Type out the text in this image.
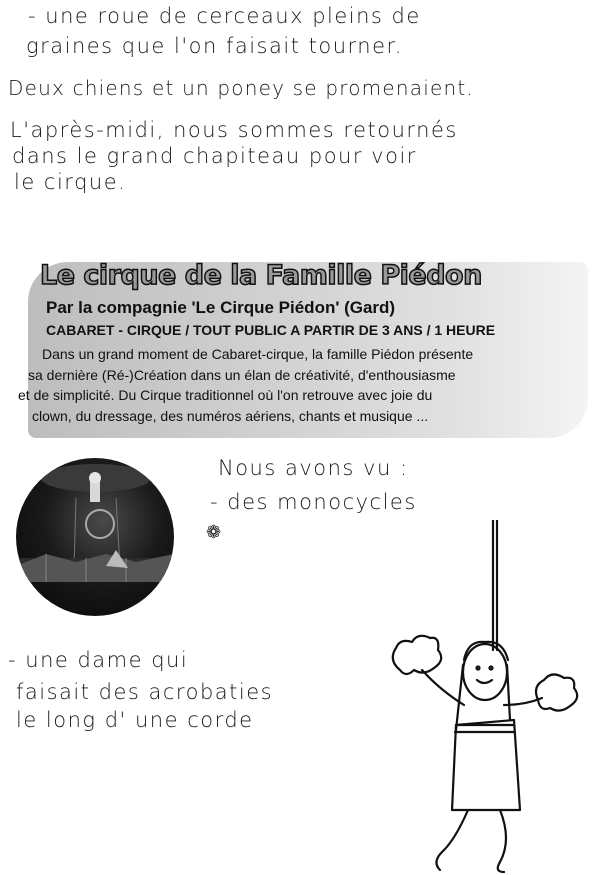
- une roue de cerceaux pleins de

graines que l'on faisait tourner.

Deux chiens et un poney se promenaient.

L'après-midi, nous sommes retournés

dans le grand chapiteau pour voir

le cirque.

Le cirque de la Famille Piédon

Par la compagnie 'Le Cirque Piédon' (Gard)

CABARET - CIRQUE / TOUT PUBLIC A PARTIR DE 3 ANS / 1 HEURE

Dans un grand moment de Cabaret-cirque, la famille Piédon présente
sa dernière (Ré-)Création dans un élan de créativité, d'enthousiasme
et de simplicité. Du Cirque traditionnel où l'on retrouve avec joie du
clown, du dressage, des numéros aériens, chants et musique ...

Nous avons vu :

- des monocycles

❁

- une dame qui

faisait des acrobaties

le long d' une corde
